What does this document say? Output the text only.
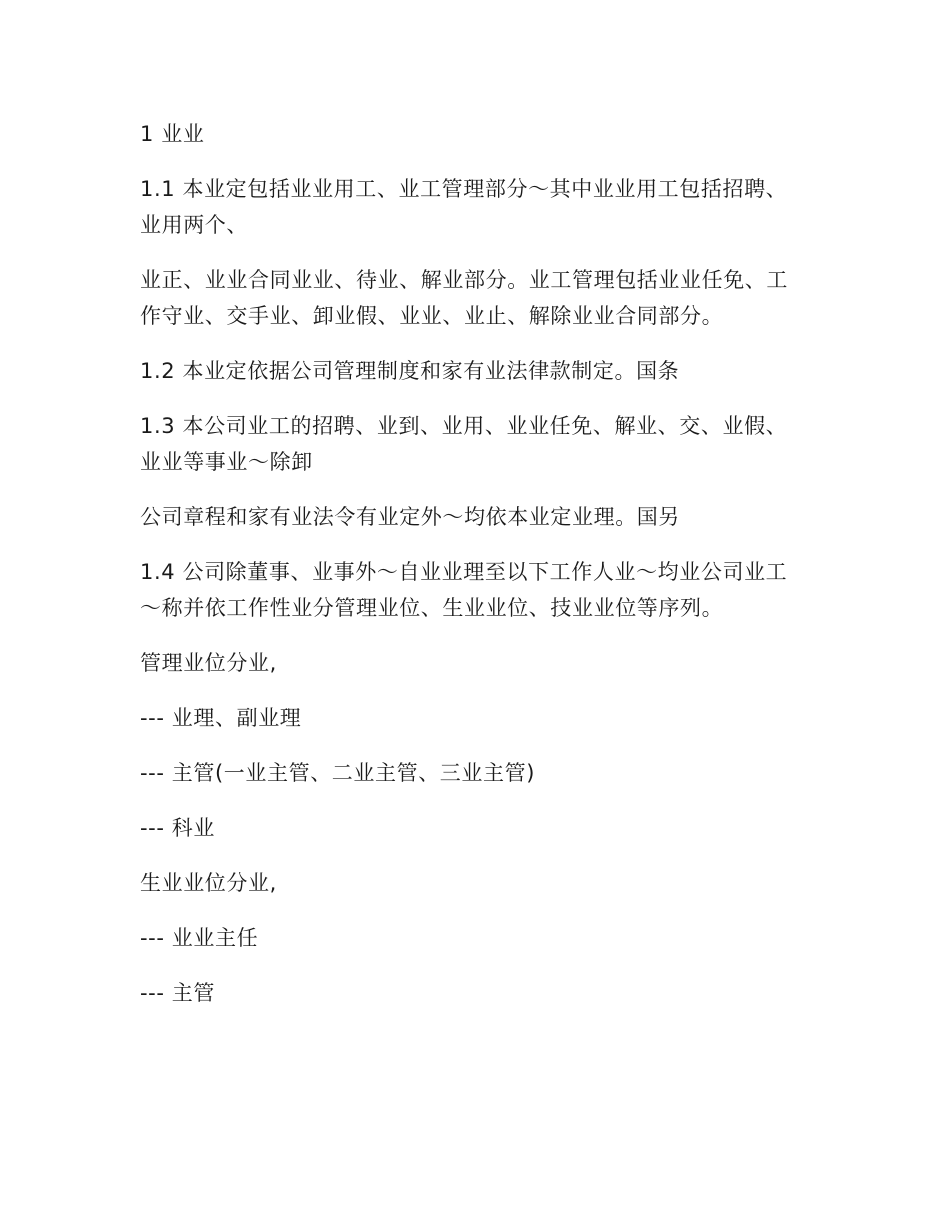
1 业业

1.1 本业定包括业业用工、业工管理部分～其中业业用工包括招聘、业用两个、

业正、业业合同业业、待业、解业部分。业工管理包括业业任免、工作守业、交手业、卸业假、业业、业止、解除业业合同部分。

1.2 本业定依据公司管理制度和家有业法律款制定。国条

1.3 本公司业工的招聘、业到、业用、业业任免、解业、交、业假、业业等事业～除卸

公司章程和家有业法令有业定外～均依本业定业理。国另

1.4 公司除董事、业事外～自业业理至以下工作人业～均业公司业工～称并依工作性业分管理业位、生业业位、技业业位等序列。

管理业位分业,

--- 业理、副业理

--- 主管(一业主管、二业主管、三业主管)

--- 科业

生业业位分业,

--- 业业主任

--- 主管
